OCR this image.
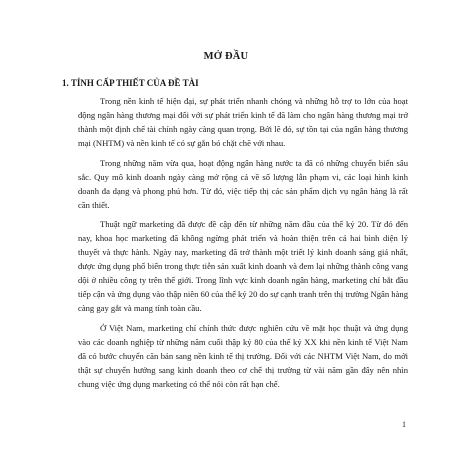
MỞ ĐẦU
1. TÍNH CẤP THIẾT CỦA ĐỀ TÀI

Trong nền kinh tế hiện đại, sự phát triển nhanh chóng và những hỗ trợ to lớn của hoạt động ngân hàng thương mại đối với sự phát triển kinh tế đã làm cho ngân hàng thương mại trở thành một định chế tài chính ngày càng quan trọng. Bởi lẽ đó, sự tồn tại của ngân hàng thương mại (NHTM) và nền kinh tế có sự gắn bó chặt chẽ với nhau.

Trong những năm vừa qua, hoạt động ngân hàng nước ta đã có những chuyển biến sâu sắc. Quy mô kinh doanh ngày càng mở rộng cả về số lượng lẫn phạm vi, các loại hình kinh doanh đa dạng và phong phú hơn. Từ đó, việc tiếp thị các sản phẩm dịch vụ ngân hàng là rất cần thiết.

Thuật ngữ marketing đã được đề cập đến từ những năm đầu của thế kỷ 20. Từ đó đến nay, khoa học marketing đã không ngừng phát triển và hoàn thiện trên cả hai bình diện lý thuyết và thực hành. Ngày nay, marketing đã trở thành một triết lý kinh doanh sáng giá nhất, được ứng dụng phổ biến trong thực tiễn sản xuất kinh doanh và đem lại những thành công vang dội ở nhiều công ty trên thế giới. Trong lĩnh vực kinh doanh ngân hàng, marketing chỉ bắt đầu tiếp cận và ứng dụng vào thập niên 60 của thế kỷ 20 do sự cạnh tranh trên thị trường Ngân hàng càng gay gắt và mang tính toàn cầu.

Ở Việt Nam, marketing chỉ chính thức được nghiên cứu về mặt học thuật và ứng dụng vào các doanh nghiệp từ những năm cuối thập kỷ 80 của thế kỷ XX khi nền kinh tế Việt Nam đã có bước chuyển căn bản sang nền kinh tế thị trường. Đối với các NHTM Việt Nam, do mới thật sự chuyển hướng sang kinh doanh theo cơ chế thị trường từ vài năm gần đây nên nhìn chung việc ứng dụng marketing có thể nói còn rất hạn chế.

1
